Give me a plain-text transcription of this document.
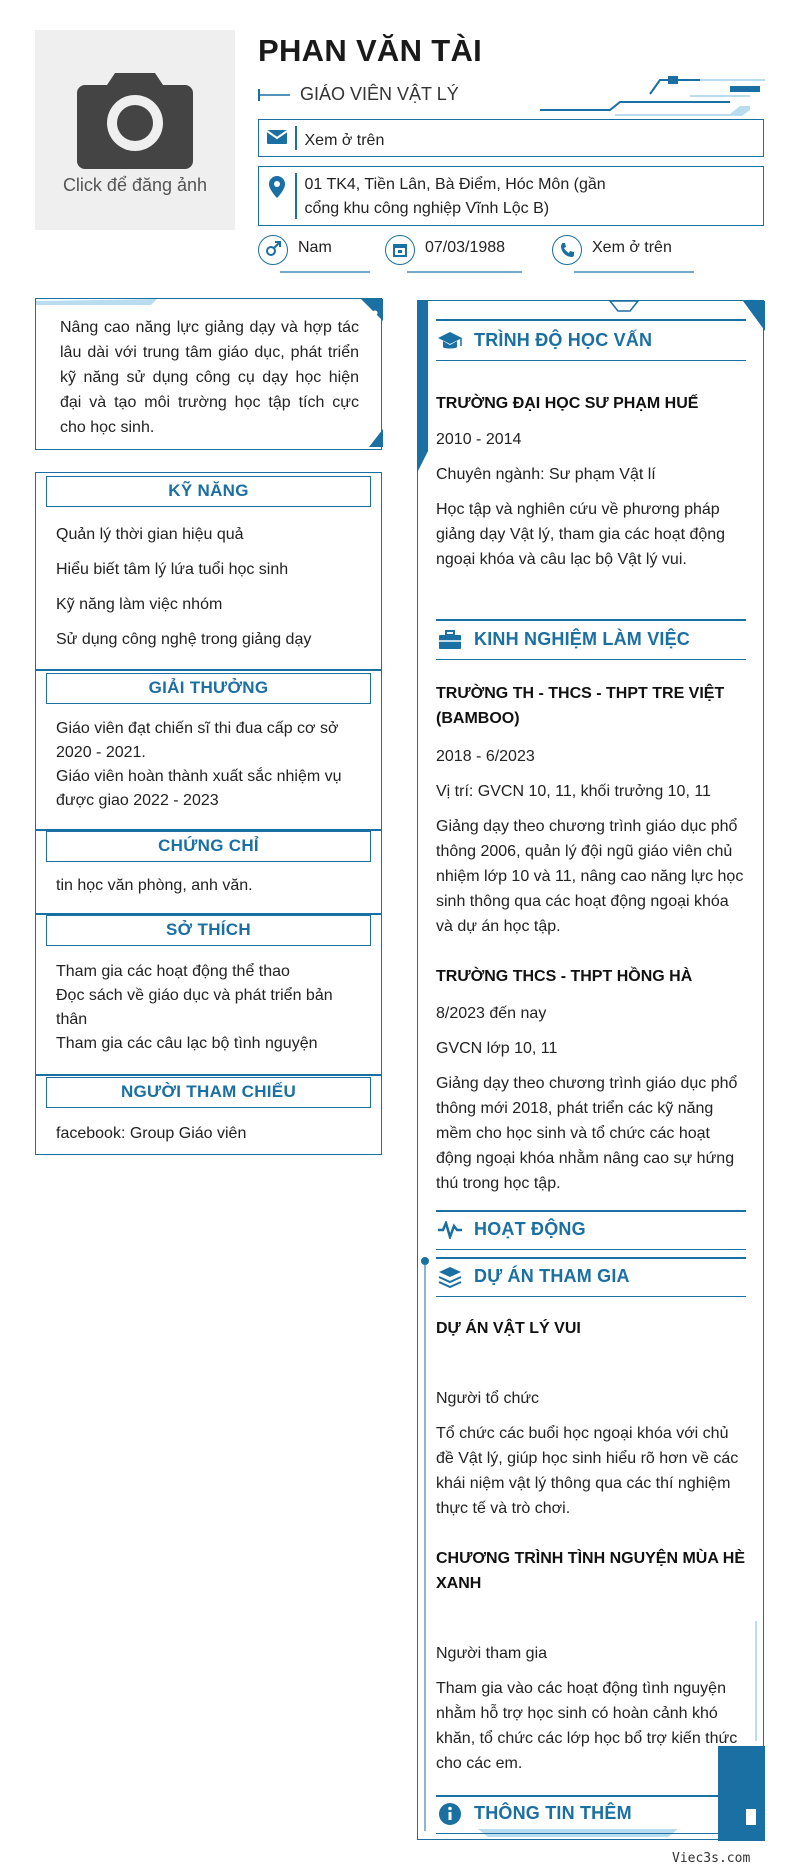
Click để đăng ảnh
PHAN VĂN TÀI
GIÁO VIÊN VẬT LÝ
Xem ở trên
01 TK4, Tiền Lân, Bà Điểm, Hóc Môn (gần cổng khu công nghiệp Vĩnh Lộc B)
Nam	07/03/1988	Xem ở trên
Nâng cao năng lực giảng dạy và hợp tác lâu dài với trung tâm giáo dục, phát triển kỹ năng sử dụng công cụ dạy học hiện đại và tạo môi trường học tập tích cực cho học sinh.
KỸ NĂNG
Quản lý thời gian hiệu quả
Hiểu biết tâm lý lứa tuổi học sinh
Kỹ năng làm việc nhóm
Sử dụng công nghệ trong giảng dạy
GIẢI THƯỞNG
Giáo viên đạt chiến sĩ thi đua cấp cơ sở 2020 - 2021.
Giáo viên hoàn thành xuất sắc nhiệm vụ được giao 2022 - 2023
CHỨNG CHỈ
tin học văn phòng, anh văn.
SỞ THÍCH
Tham gia các hoạt động thể thao
Đọc sách về giáo dục và phát triển bản thân
Tham gia các câu lạc bộ tình nguyện
NGƯỜI THAM CHIẾU
facebook: Group Giáo viên
TRÌNH ĐỘ HỌC VẤN
TRƯỜNG ĐẠI HỌC SƯ PHẠM HUẾ
2010 - 2014
Chuyên ngành: Sư phạm Vật lí
Học tập và nghiên cứu về phương pháp giảng dạy Vật lý, tham gia các hoạt động ngoại khóa và câu lạc bộ Vật lý vui.
KINH NGHIỆM LÀM VIỆC
TRƯỜNG TH - THCS - THPT TRE VIỆT (BAMBOO)
2018 - 6/2023
Vị trí: GVCN 10, 11, khối trưởng 10, 11
Giảng dạy theo chương trình giáo dục phổ thông 2006, quản lý đội ngũ giáo viên chủ nhiệm lớp 10 và 11, nâng cao năng lực học sinh thông qua các hoạt động ngoại khóa và dự án học tập.
TRƯỜNG THCS - THPT HỒNG HÀ
8/2023 đến nay
GVCN lớp 10, 11
Giảng dạy theo chương trình giáo dục phổ thông mới 2018, phát triển các kỹ năng mềm cho học sinh và tổ chức các hoạt động ngoại khóa nhằm nâng cao sự hứng thú trong học tập.
HOẠT ĐỘNG
DỰ ÁN THAM GIA
DỰ ÁN VẬT LÝ VUI
Người tổ chức
Tổ chức các buổi học ngoại khóa với chủ đề Vật lý, giúp học sinh hiểu rõ hơn về các khái niệm vật lý thông qua các thí nghiệm thực tế và trò chơi.
CHƯƠNG TRÌNH TÌNH NGUYỆN MÙA HÈ XANH
Người tham gia
Tham gia vào các hoạt động tình nguyện nhằm hỗ trợ học sinh có hoàn cảnh khó khăn, tổ chức các lớp học bổ trợ kiến thức cho các em.
THÔNG TIN THÊM
Viec3s.com
